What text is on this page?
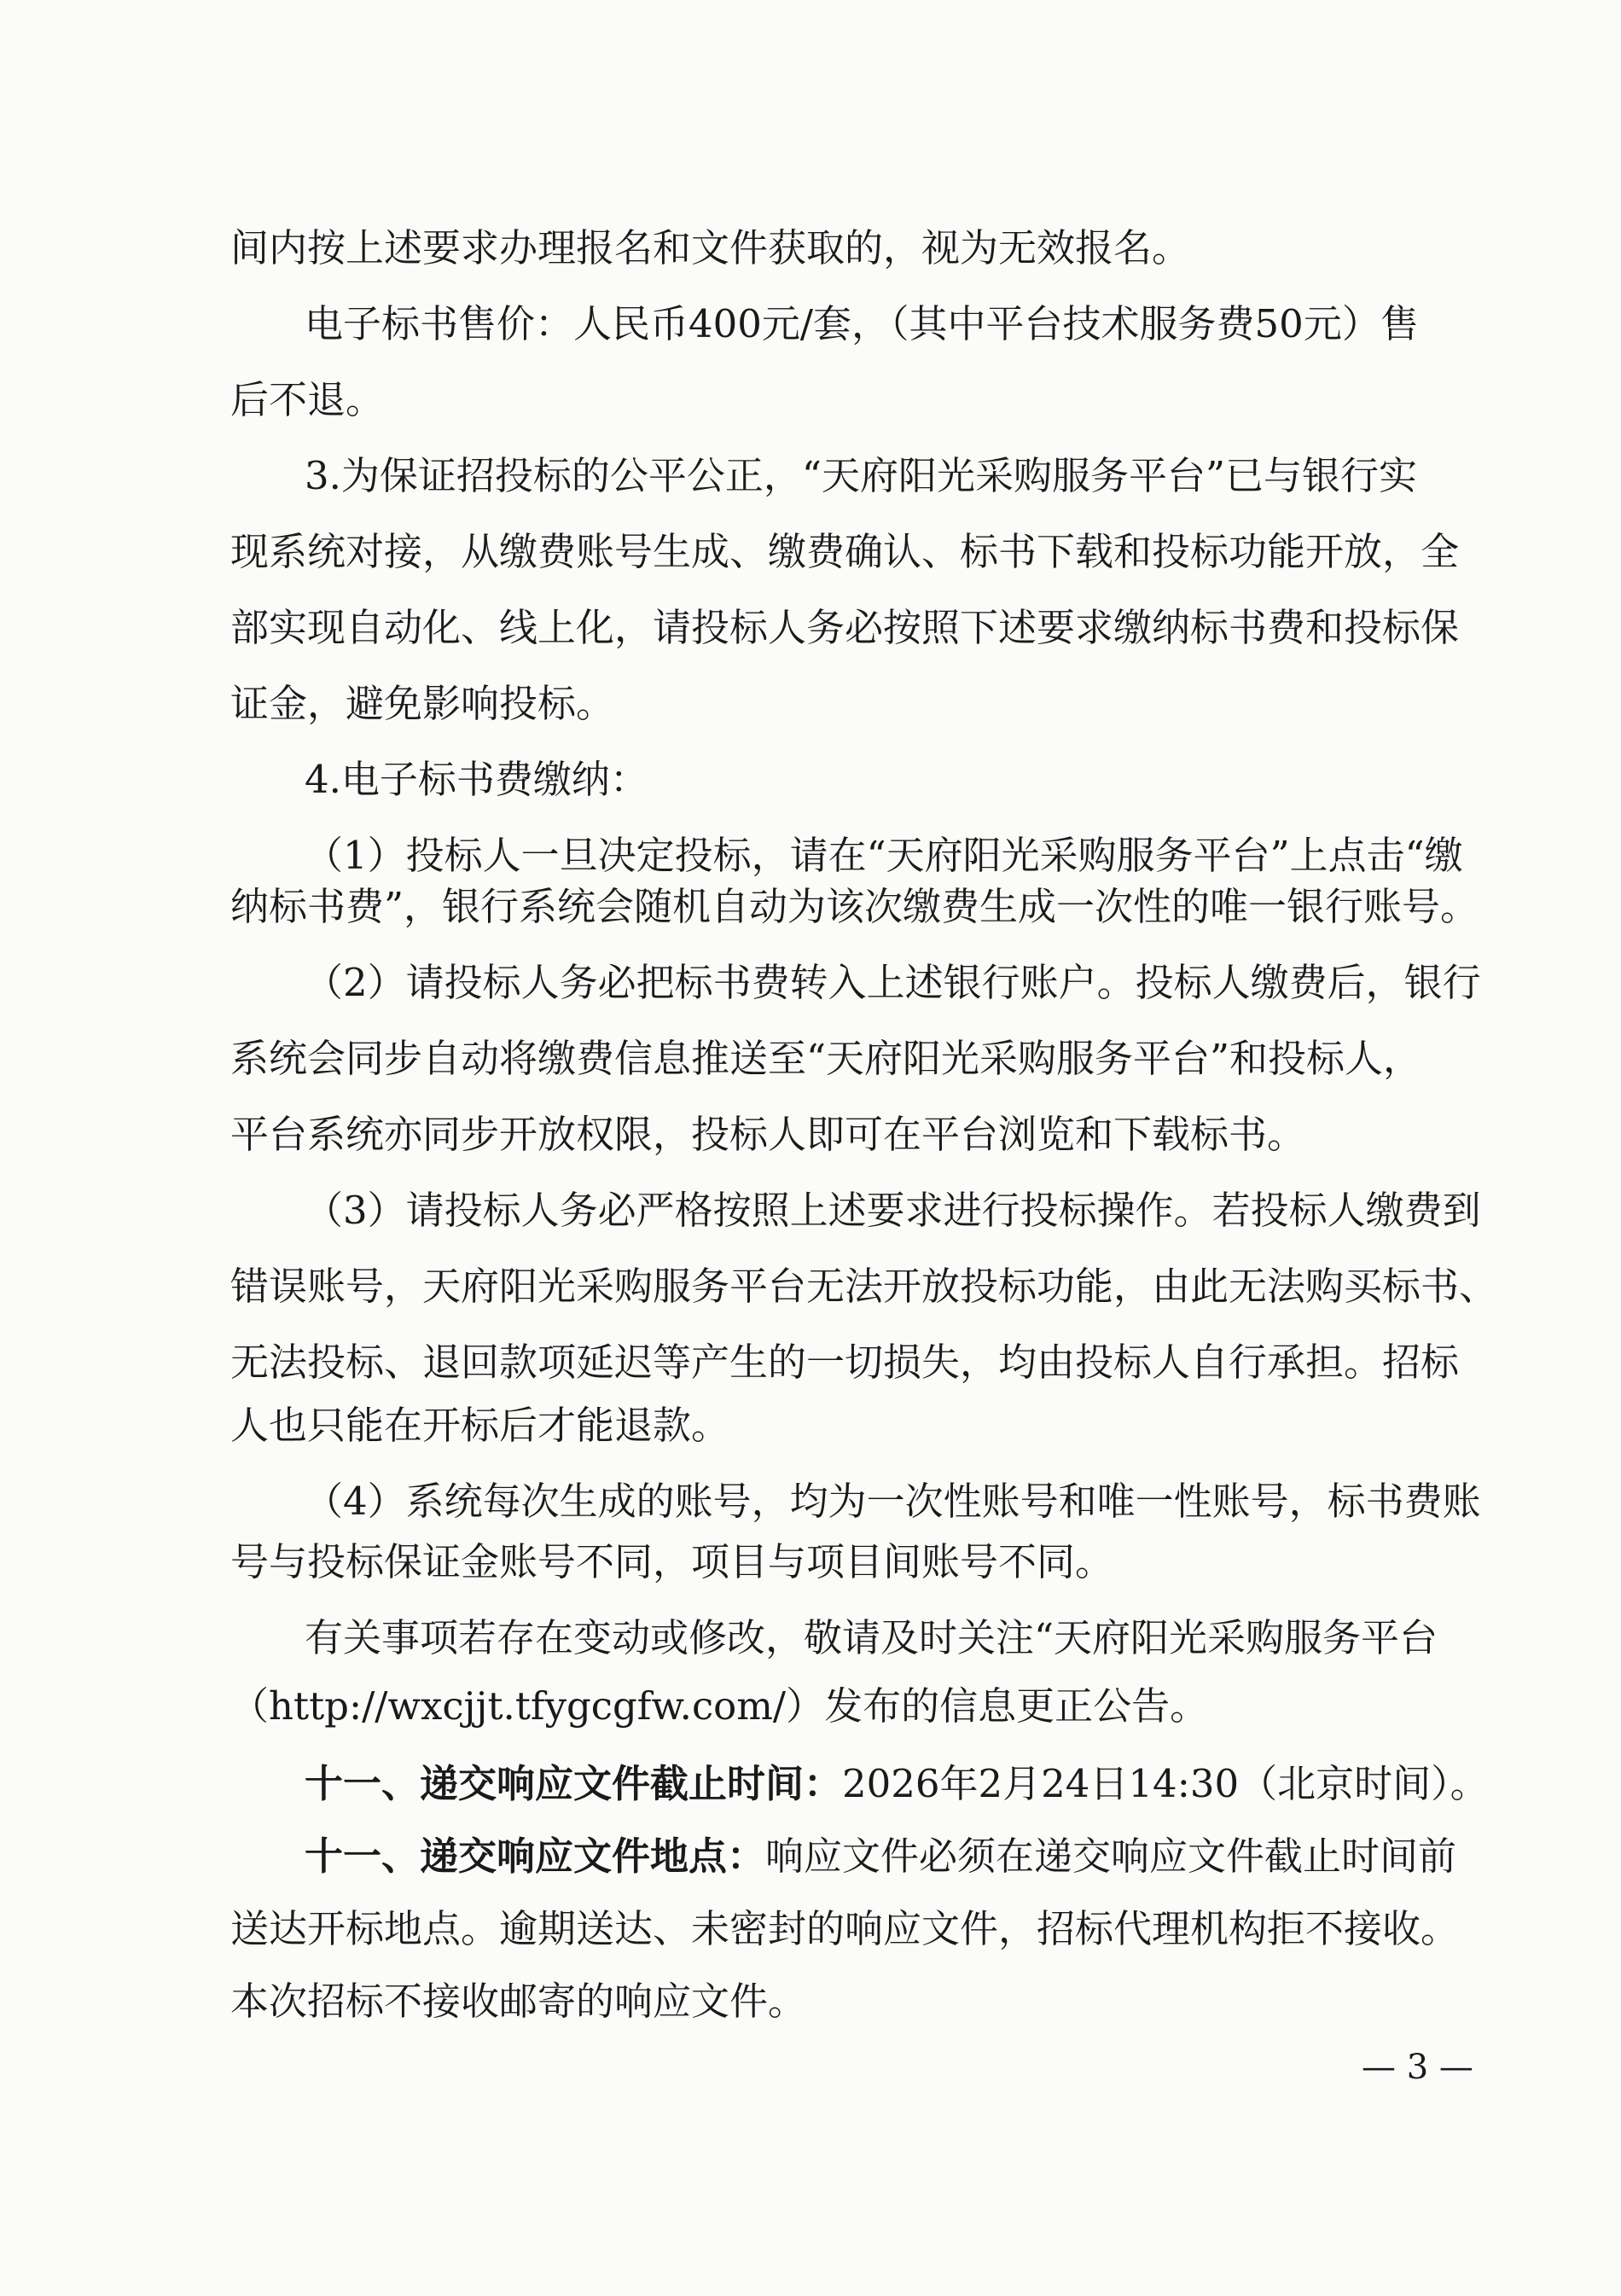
间内按上述要求办理报名和文件获取的，视为无效报名。
电子标书售价：人民币400元/套，（其中平台技术服务费50元）售
后不退。
3.为保证招投标的公平公正，“天府阳光采购服务平台”已与银行实
现系统对接，从缴费账号生成、缴费确认、标书下载和投标功能开放，全
部实现自动化、线上化，请投标人务必按照下述要求缴纳标书费和投标保
证金，避免影响投标。
4.电子标书费缴纳：
（1）投标人一旦决定投标，请在“天府阳光采购服务平台”上点击“缴
纳标书费”，银行系统会随机自动为该次缴费生成一次性的唯一银行账号。
（2）请投标人务必把标书费转入上述银行账户。投标人缴费后，银行
系统会同步自动将缴费信息推送至“天府阳光采购服务平台”和投标人，
平台系统亦同步开放权限，投标人即可在平台浏览和下载标书。
（3）请投标人务必严格按照上述要求进行投标操作。若投标人缴费到
错误账号，天府阳光采购服务平台无法开放投标功能，由此无法购买标书、
无法投标、退回款项延迟等产生的一切损失，均由投标人自行承担。招标
人也只能在开标后才能退款。
（4）系统每次生成的账号，均为一次性账号和唯一性账号，标书费账
号与投标保证金账号不同，项目与项目间账号不同。
有关事项若存在变动或修改，敬请及时关注“天府阳光采购服务平台
（http://wxcjjt.tfygcgfw.com/）发布的信息更正公告。
十一、递交响应文件截止时间：2026年2月24日14:30（北京时间）。
十一、递交响应文件地点：响应文件必须在递交响应文件截止时间前
送达开标地点。逾期送达、未密封的响应文件，招标代理机构拒不接收。
本次招标不接收邮寄的响应文件。
— 3 —
